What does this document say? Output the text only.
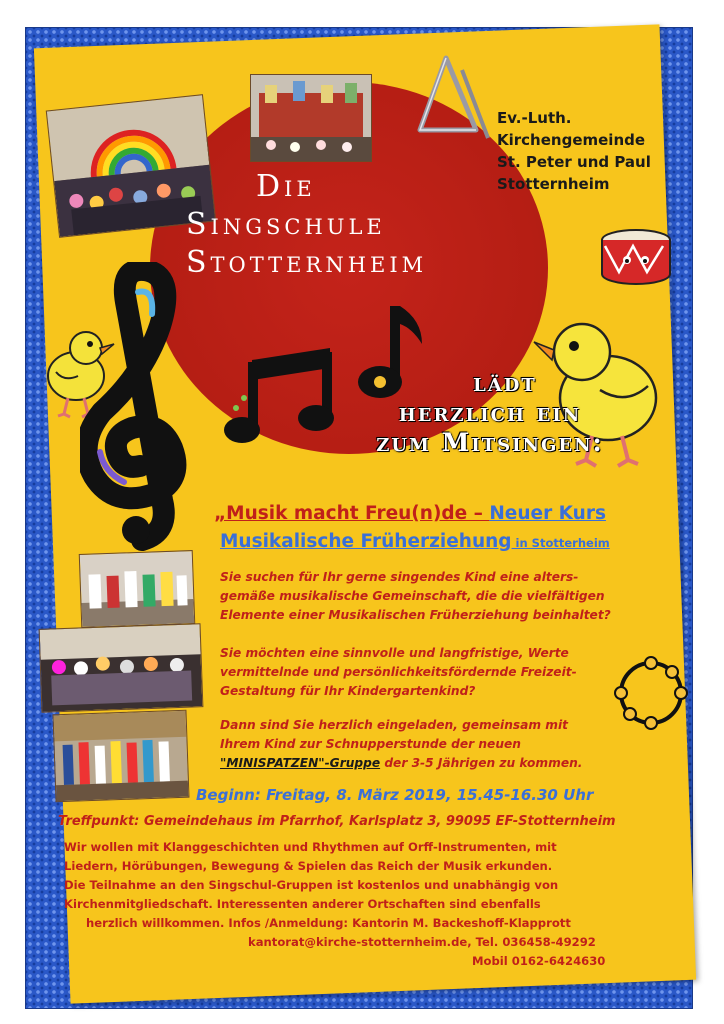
Die
Singschule
Stotternheim
Ev.-Luth.
Kirchengemeinde
St. Peter und Paul
Stotternheim
lädt
herzlich ein
zum Mitsingen:
„Musik macht Freu(n)de – Neuer Kurs
Musikalische Früherziehung in Stotterheim
Sie suchen für Ihr gerne singendes Kind eine alters-
gemäße musikalische Gemeinschaft, die die vielfältigen
Elemente einer Musikalischen Früherziehung beinhaltet?
Sie möchten eine sinnvolle und langfristige, Werte
vermittelnde und persönlichkeitsfördernde Freizeit-
Gestaltung für Ihr Kindergartenkind?
Dann sind Sie herzlich eingeladen, gemeinsam mit
Ihrem Kind zur Schnupperstunde der neuen
"MINISPATZEN"-Gruppe der 3-5 Jährigen zu kommen.
Beginn: Freitag, 8. März 2019, 15.45-16.30 Uhr
Treffpunkt: Gemeindehaus im Pfarrhof, Karlsplatz 3, 99095 EF-Stotternheim
Wir wollen mit Klanggeschichten und Rhythmen auf Orff-Instrumenten, mit
Liedern, Hörübungen, Bewegung & Spielen das Reich der Musik erkunden.
Die Teilnahme an den Singschul-Gruppen ist kostenlos und unabhängig von
Kirchenmitgliedschaft. Interessenten anderer Ortschaften sind ebenfalls
herzlich willkommen. Infos /Anmeldung: Kantorin M. Backeshoff-Klapprott
kantorat@kirche-stotternheim.de, Tel. 036458-49292
Mobil 0162-6424630
